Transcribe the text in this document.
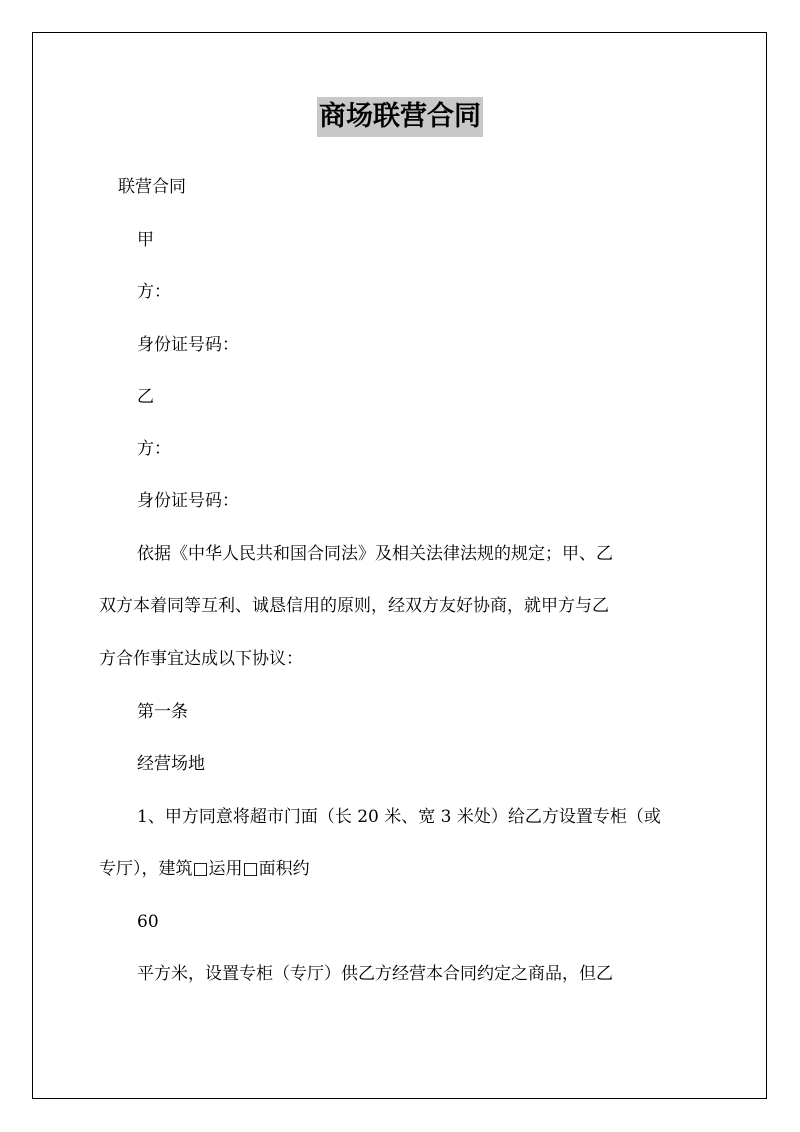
商场联营合同
联营合同
甲
方：
身份证号码：
乙
方：
身份证号码：
依据《中华人民共和国合同法》及相关法律法规的规定；甲、乙
双方本着同等互利、诚恳信用的原则，经双方友好协商，就甲方与乙
方合作事宜达成以下协议：
第一条
经营场地
1、甲方同意将超市门面（长 20 米、宽 3 米处）给乙方设置专柜（或
专厅），建筑□运用□面积约
60
平方米，设置专柜（专厅）供乙方经营本合同约定之商品，但乙
